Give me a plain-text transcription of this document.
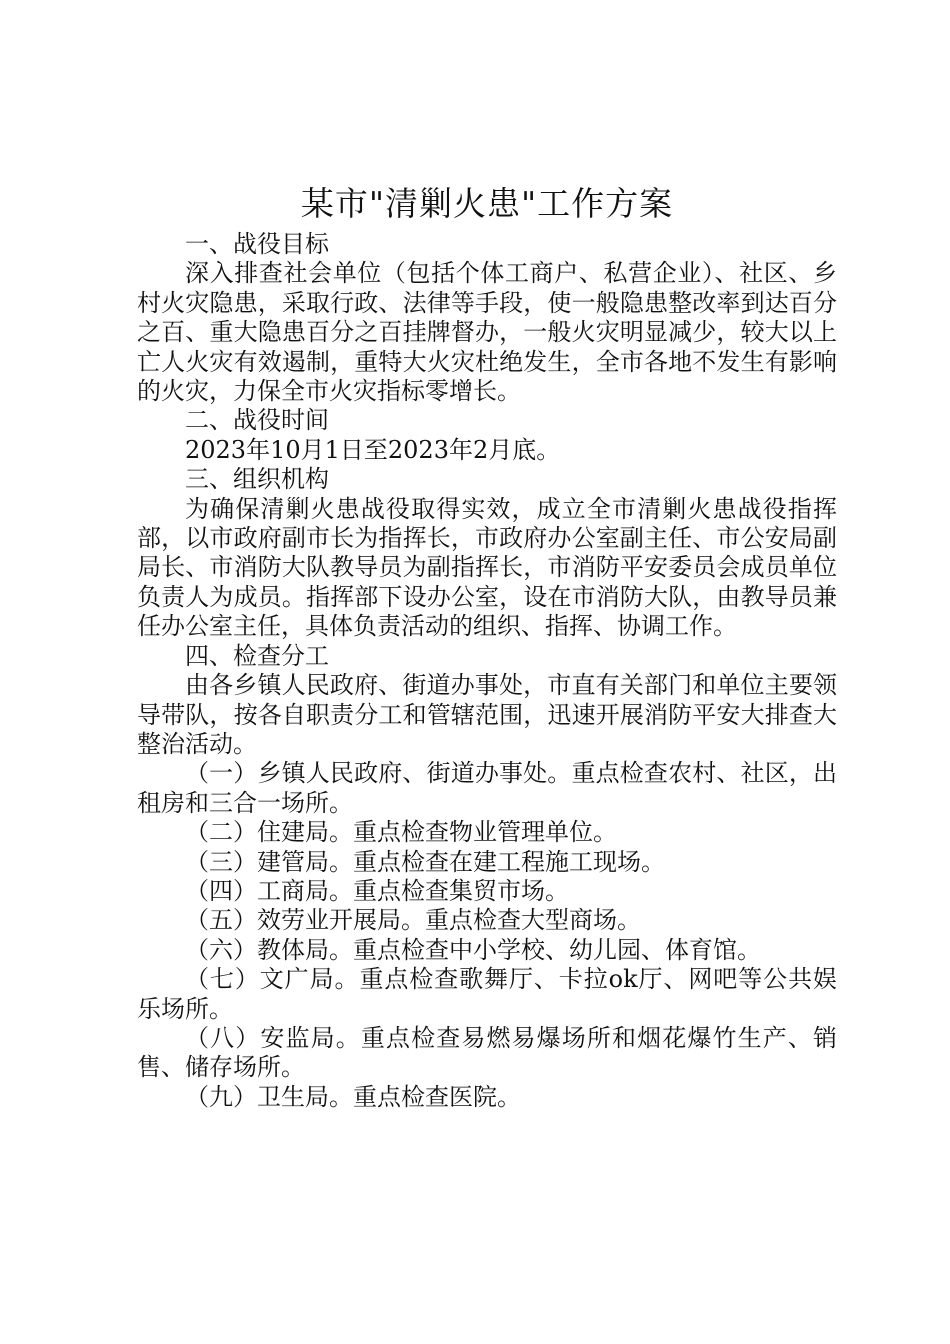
某市"清剿火患"工作方案

一、战役目标

深入排查社会单位（包括个体工商户、私营企业）、社区、乡村火灾隐患，采取行政、法律等手段，使一般隐患整改率到达百分之百、重大隐患百分之百挂牌督办，一般火灾明显减少，较大以上亡人火灾有效遏制，重特大火灾杜绝发生，全市各地不发生有影响的火灾，力保全市火灾指标零增长。

二、战役时间

2023年10月1日至2023年2月底。

三、组织机构

为确保清剿火患战役取得实效，成立全市清剿火患战役指挥部，以市政府副市长为指挥长，市政府办公室副主任、市公安局副局长、市消防大队教导员为副指挥长，市消防平安委员会成员单位负责人为成员。指挥部下设办公室，设在市消防大队，由教导员兼任办公室主任，具体负责活动的组织、指挥、协调工作。

四、检查分工

由各乡镇人民政府、街道办事处，市直有关部门和单位主要领导带队，按各自职责分工和管辖范围，迅速开展消防平安大排查大整治活动。

（一）乡镇人民政府、街道办事处。重点检查农村、社区，出租房和三合一场所。

（二）住建局。重点检查物业管理单位。

（三）建管局。重点检查在建工程施工现场。

（四）工商局。重点检查集贸市场。

（五）效劳业开展局。重点检查大型商场。

（六）教体局。重点检查中小学校、幼儿园、体育馆。

（七）文广局。重点检查歌舞厅、卡拉ok厅、网吧等公共娱乐场所。

（八）安监局。重点检查易燃易爆场所和烟花爆竹生产、销售、储存场所。

（九）卫生局。重点检查医院。
